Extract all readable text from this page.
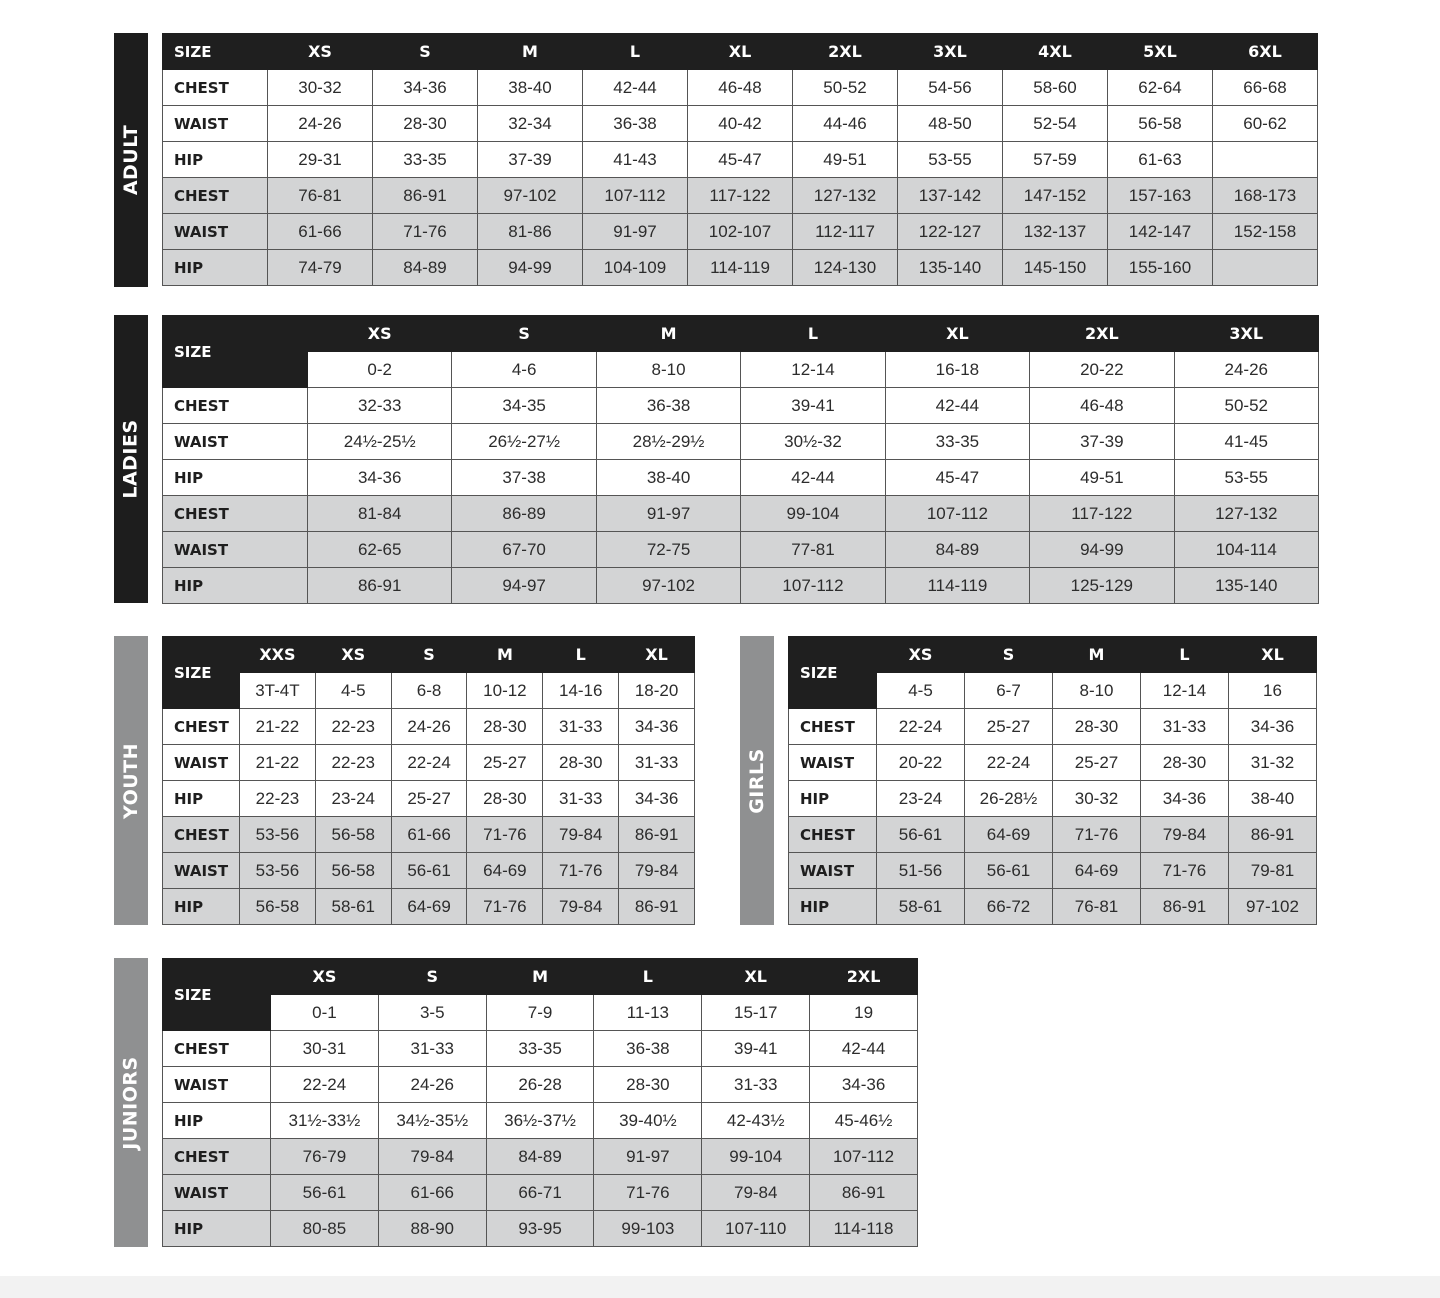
ADULT
SIZE	XS	S	M	L	XL	2XL	3XL	4XL	5XL	6XL
CHEST	30-32	34-36	38-40	42-44	46-48	50-52	54-56	58-60	62-64	66-68
WAIST	24-26	28-30	32-34	36-38	40-42	44-46	48-50	52-54	56-58	60-62
HIP	29-31	33-35	37-39	41-43	45-47	49-51	53-55	57-59	61-63	
CHEST	76-81	86-91	97-102	107-112	117-122	127-132	137-142	147-152	157-163	168-173
WAIST	61-66	71-76	81-86	91-97	102-107	112-117	122-127	132-137	142-147	152-158
HIP	74-79	84-89	94-99	104-109	114-119	124-130	135-140	145-150	155-160	
LADIES
SIZE	XS	S	M	L	XL	2XL	3XL
	0-2	4-6	8-10	12-14	16-18	20-22	24-26
CHEST	32-33	34-35	36-38	39-41	42-44	46-48	50-52
WAIST	24½-25½	26½-27½	28½-29½	30½-32	33-35	37-39	41-45
HIP	34-36	37-38	38-40	42-44	45-47	49-51	53-55
CHEST	81-84	86-89	91-97	99-104	107-112	117-122	127-132
WAIST	62-65	67-70	72-75	77-81	84-89	94-99	104-114
HIP	86-91	94-97	97-102	107-112	114-119	125-129	135-140
YOUTH
SIZE	XXS	XS	S	M	L	XL
	3T-4T	4-5	6-8	10-12	14-16	18-20
CHEST	21-22	22-23	24-26	28-30	31-33	34-36
WAIST	21-22	22-23	22-24	25-27	28-30	31-33
HIP	22-23	23-24	25-27	28-30	31-33	34-36
CHEST	53-56	56-58	61-66	71-76	79-84	86-91
WAIST	53-56	56-58	56-61	64-69	71-76	79-84
HIP	56-58	58-61	64-69	71-76	79-84	86-91
GIRLS
SIZE	XS	S	M	L	XL
	4-5	6-7	8-10	12-14	16
CHEST	22-24	25-27	28-30	31-33	34-36
WAIST	20-22	22-24	25-27	28-30	31-32
HIP	23-24	26-28½	30-32	34-36	38-40
CHEST	56-61	64-69	71-76	79-84	86-91
WAIST	51-56	56-61	64-69	71-76	79-81
HIP	58-61	66-72	76-81	86-91	97-102
JUNIORS
SIZE	XS	S	M	L	XL	2XL
	0-1	3-5	7-9	11-13	15-17	19
CHEST	30-31	31-33	33-35	36-38	39-41	42-44
WAIST	22-24	24-26	26-28	28-30	31-33	34-36
HIP	31½-33½	34½-35½	36½-37½	39-40½	42-43½	45-46½
CHEST	76-79	79-84	84-89	91-97	99-104	107-112
WAIST	56-61	61-66	66-71	71-76	79-84	86-91
HIP	80-85	88-90	93-95	99-103	107-110	114-118
